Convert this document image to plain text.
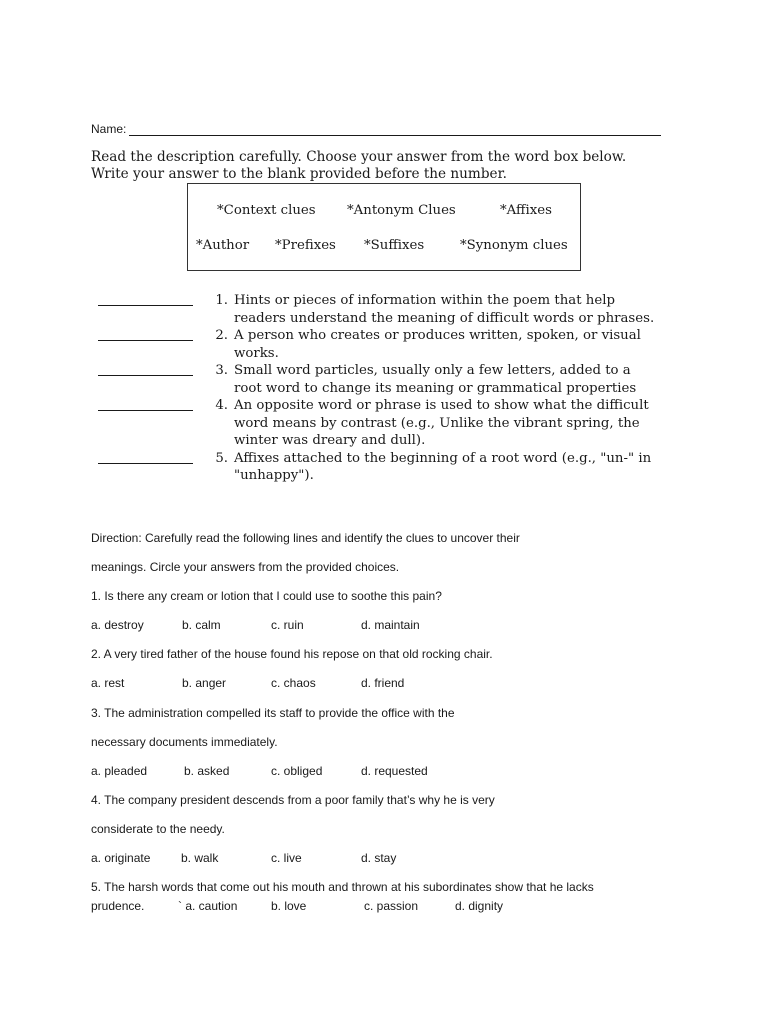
Name:
Read the description carefully. Choose your answer from the word box below. Write your answer to the blank provided before the number.
*Context clues *Antonym Clues	*Affixes
*Author *Prefixes *Suffixes	*Synonym clues
1. Hints or pieces of information within the poem that help readers understand the meaning of difficult words or phrases.
2. A person who creates or produces written, spoken, or visual works.
3. Small word particles, usually only a few letters, added to a root word to change its meaning or grammatical properties
4. An opposite word or phrase is used to show what the difficult word means by contrast (e.g., Unlike the vibrant spring, the winter was dreary and dull).
5. Affixes attached to the beginning of a root word (e.g., "un-" in "unhappy").
Direction: Carefully read the following lines and identify the clues to uncover their
meanings. Circle your answers from the provided choices.
1. Is there any cream or lotion that I could use to soothe this pain?
a. destroy	b. calm	c. ruin	d. maintain
2. A very tired father of the house found his repose on that old rocking chair.
a. rest	b. anger	c. chaos	d. friend
3. The administration compelled its staff to provide the office with the
necessary documents immediately.
a. pleaded	b. asked	c. obliged	d. requested
4. The company president descends from a poor family that’s why he is very
considerate to the needy.
a. originate	b. walk	c. live	d. stay
5. The harsh words that come out his mouth and thrown at his subordinates show that he lacks
prudence.	` a. caution	b. love	c. passion	d. dignity
